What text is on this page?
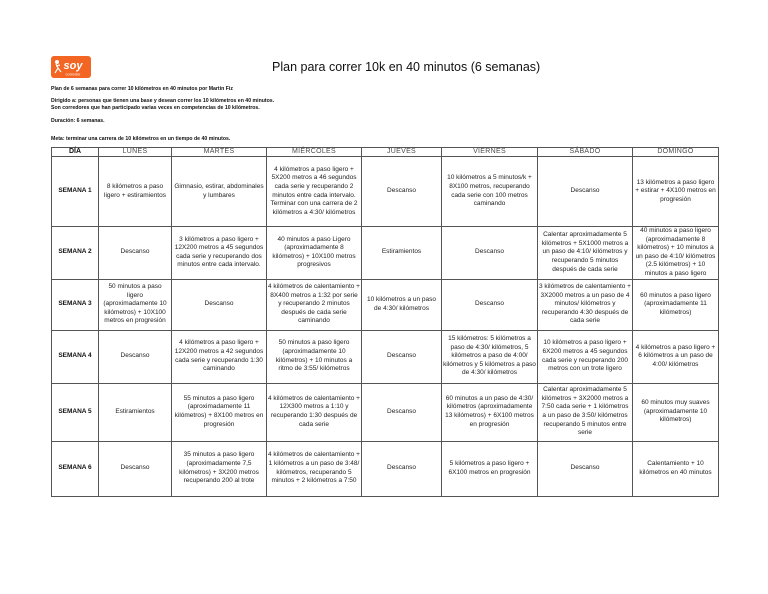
soy
corredor	Plan para correr 10k en 40 minutos (6 semanas)
Plan de 6 semanas para correr 10 kilómetros en 40 minutos por Martín Fiz
Dirigido a: personas que tienen una base y desean correr los 10 kilómetros en 40 minutos.
Son corredores que han participado varias veces en competencias de 10 kilómetros.
Duración: 6 semanas.
Meta: terminar una carrera de 10 kilómetros en un tiempo de 40 minutos.
DÍA	LUNES	MARTES	MIÉRCOLES	JUEVES	VIERNES	SÁBADO	DOMINGO
SEMANA 1	8 kilómetros a paso ligero + estiramientos	Gimnasio, estirar, abdominales y lumbares	4 kilómetros a paso ligero + 5X200 metros a 46 segundos cada serie y recuperando 2 minutos entre cada intervalo. Terminar con una carrera de 2 kilómetros a 4:30/ kilómetros	Descanso	10 kilómetros a 5 minutos/k + 8X100 metros, recuperando cada serie con 100 metros caminando	Descanso	13 kilómetros a paso ligero + estirar + 4X100 metros en progresión
SEMANA 2	Descanso	3 kilómetros a paso ligero + 12X200 metros a 45 segundos cada serie y recuperando dos minutos entre cada intervalo.	40 minutos a paso Ligero (aproximadamente 8 kilómetros) + 10X100 metros progresivos	Estiramientos	Descanso	Calentar aproximadamente 5 kilómetros + 5X1000 metros a un paso de 4:10/ kilómetros y recuperando 5 minutos después de cada serie	40 minutos a paso ligero (aproximadamente 8 kilómetros) + 10 minutos a un paso de 4:10/ kilómetros (2.5 kilómetros) + 10 minutos a paso ligero
SEMANA 3	50 minutos a paso ligero (aproximadamente 10 kilómetros) + 10X100 metros en progresión	Descanso	4 kilómetros de calentamiento + 8X400 metros a 1:32 por serie y recuperando 2 minutos después de cada serie caminando	10 kilómetros a un paso de 4:30/ kilómetros	Descanso	3 kilómetros de calentamiento + 3X2000 metros a un paso de 4 minutos/ kilómetros y recuperando 4:30 después de cada serie	60 minutos a paso ligero (aproximadamente 11 kilómetros)
SEMANA 4	Descanso	4 kilómetros a paso ligero + 12X200 metros a 42 segundos cada serie y recuperando 1:30 caminando	50 minutos a paso ligero (aproximadamente 10 kilómetros) + 10 minutos a ritmo de 3:55/ kilómetros	Descanso	15 kilómetros: 5 kilómetros a paso de 4:30/ kilómetros, 5 kilómetros a paso de 4:00/ kilómetros y 5 kilómetros a paso de 4:30/ kilómetros	10 kilómetros a paso ligero + 6X200 metros a 45 segundos cada serie y recuperando 200 metros con un trote ligero	4 kilómetros a paso ligero + 6 kilómetros a un paso de 4:00/ kilómetros
SEMANA 5	Estiramientos	55 minutos a paso ligero (aproximadamente 11 kilómetros) + 8X100 metros en progresión	4 kilómetros de calentamiento + 12X300 metros a 1:10 y recuperando 1:30 después de cada serie	Descanso	60 minutos a un paso de 4:30/ kilómetros (aproximadamente 13 kilómetros) + 6X100 metros en progresión	Calentar aproximadamente 5 kilómetros + 3X2000 metros a 7:50 cada serie + 1 kilómetros a un paso de 3:50/ kilómetros recuperando 5 minutos entre serie	60 minutos muy suaves (aproximadamente 10 kilómetros)
SEMANA 6	Descanso	35 minutos a paso ligero (aproximadamente 7,5 kilómetros) + 3X200 metros recuperando 200 al trote	4 kilómetros de calentamiento + 1 kilómetros a un paso de 3:48/ kilómetros, recuperando 5 minutos + 2 kilómetros a 7:50	Descanso	5 kilómetros a paso ligero + 6X100 metros en progresión	Descanso	Calentamiento + 10 kilómetros en 40 minutos
